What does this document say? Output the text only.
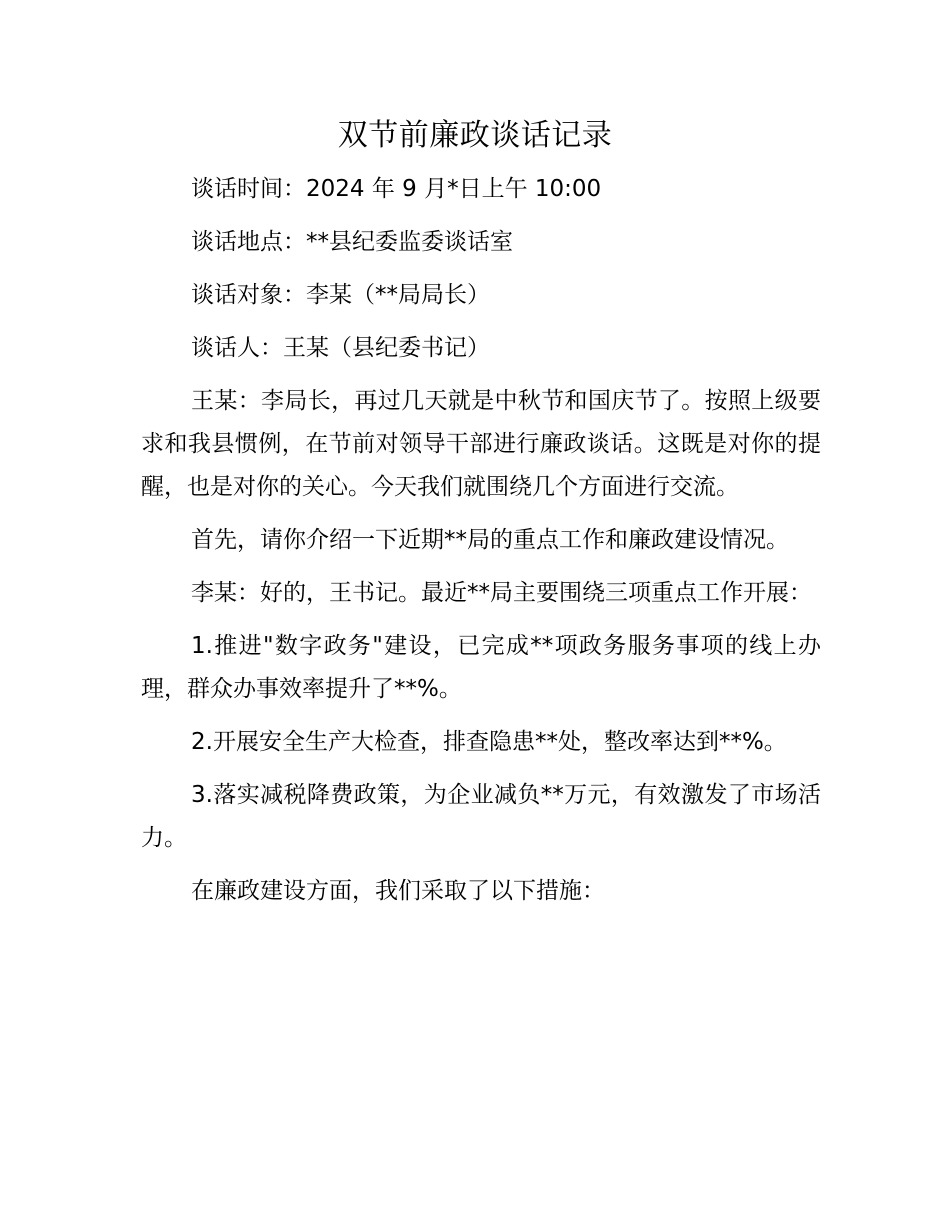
双节前廉政谈话记录

谈话时间：2024 年 9 月*日上午 10:00

谈话地点：**县纪委监委谈话室

谈话对象：李某（**局局长）

谈话人：王某（县纪委书记）

王某：李局长，再过几天就是中秋节和国庆节了。按照上级要求和我县惯例，在节前对领导干部进行廉政谈话。这既是对你的提醒，也是对你的关心。今天我们就围绕几个方面进行交流。

首先，请你介绍一下近期**局的重点工作和廉政建设情况。

李某：好的，王书记。最近**局主要围绕三项重点工作开展：

1.推进"数字政务"建设，已完成**项政务服务事项的线上办理，群众办事效率提升了**%。

2.开展安全生产大检查，排查隐患**处，整改率达到**%。

3.落实减税降费政策，为企业减负**万元，有效激发了市场活力。

在廉政建设方面，我们采取了以下措施：
